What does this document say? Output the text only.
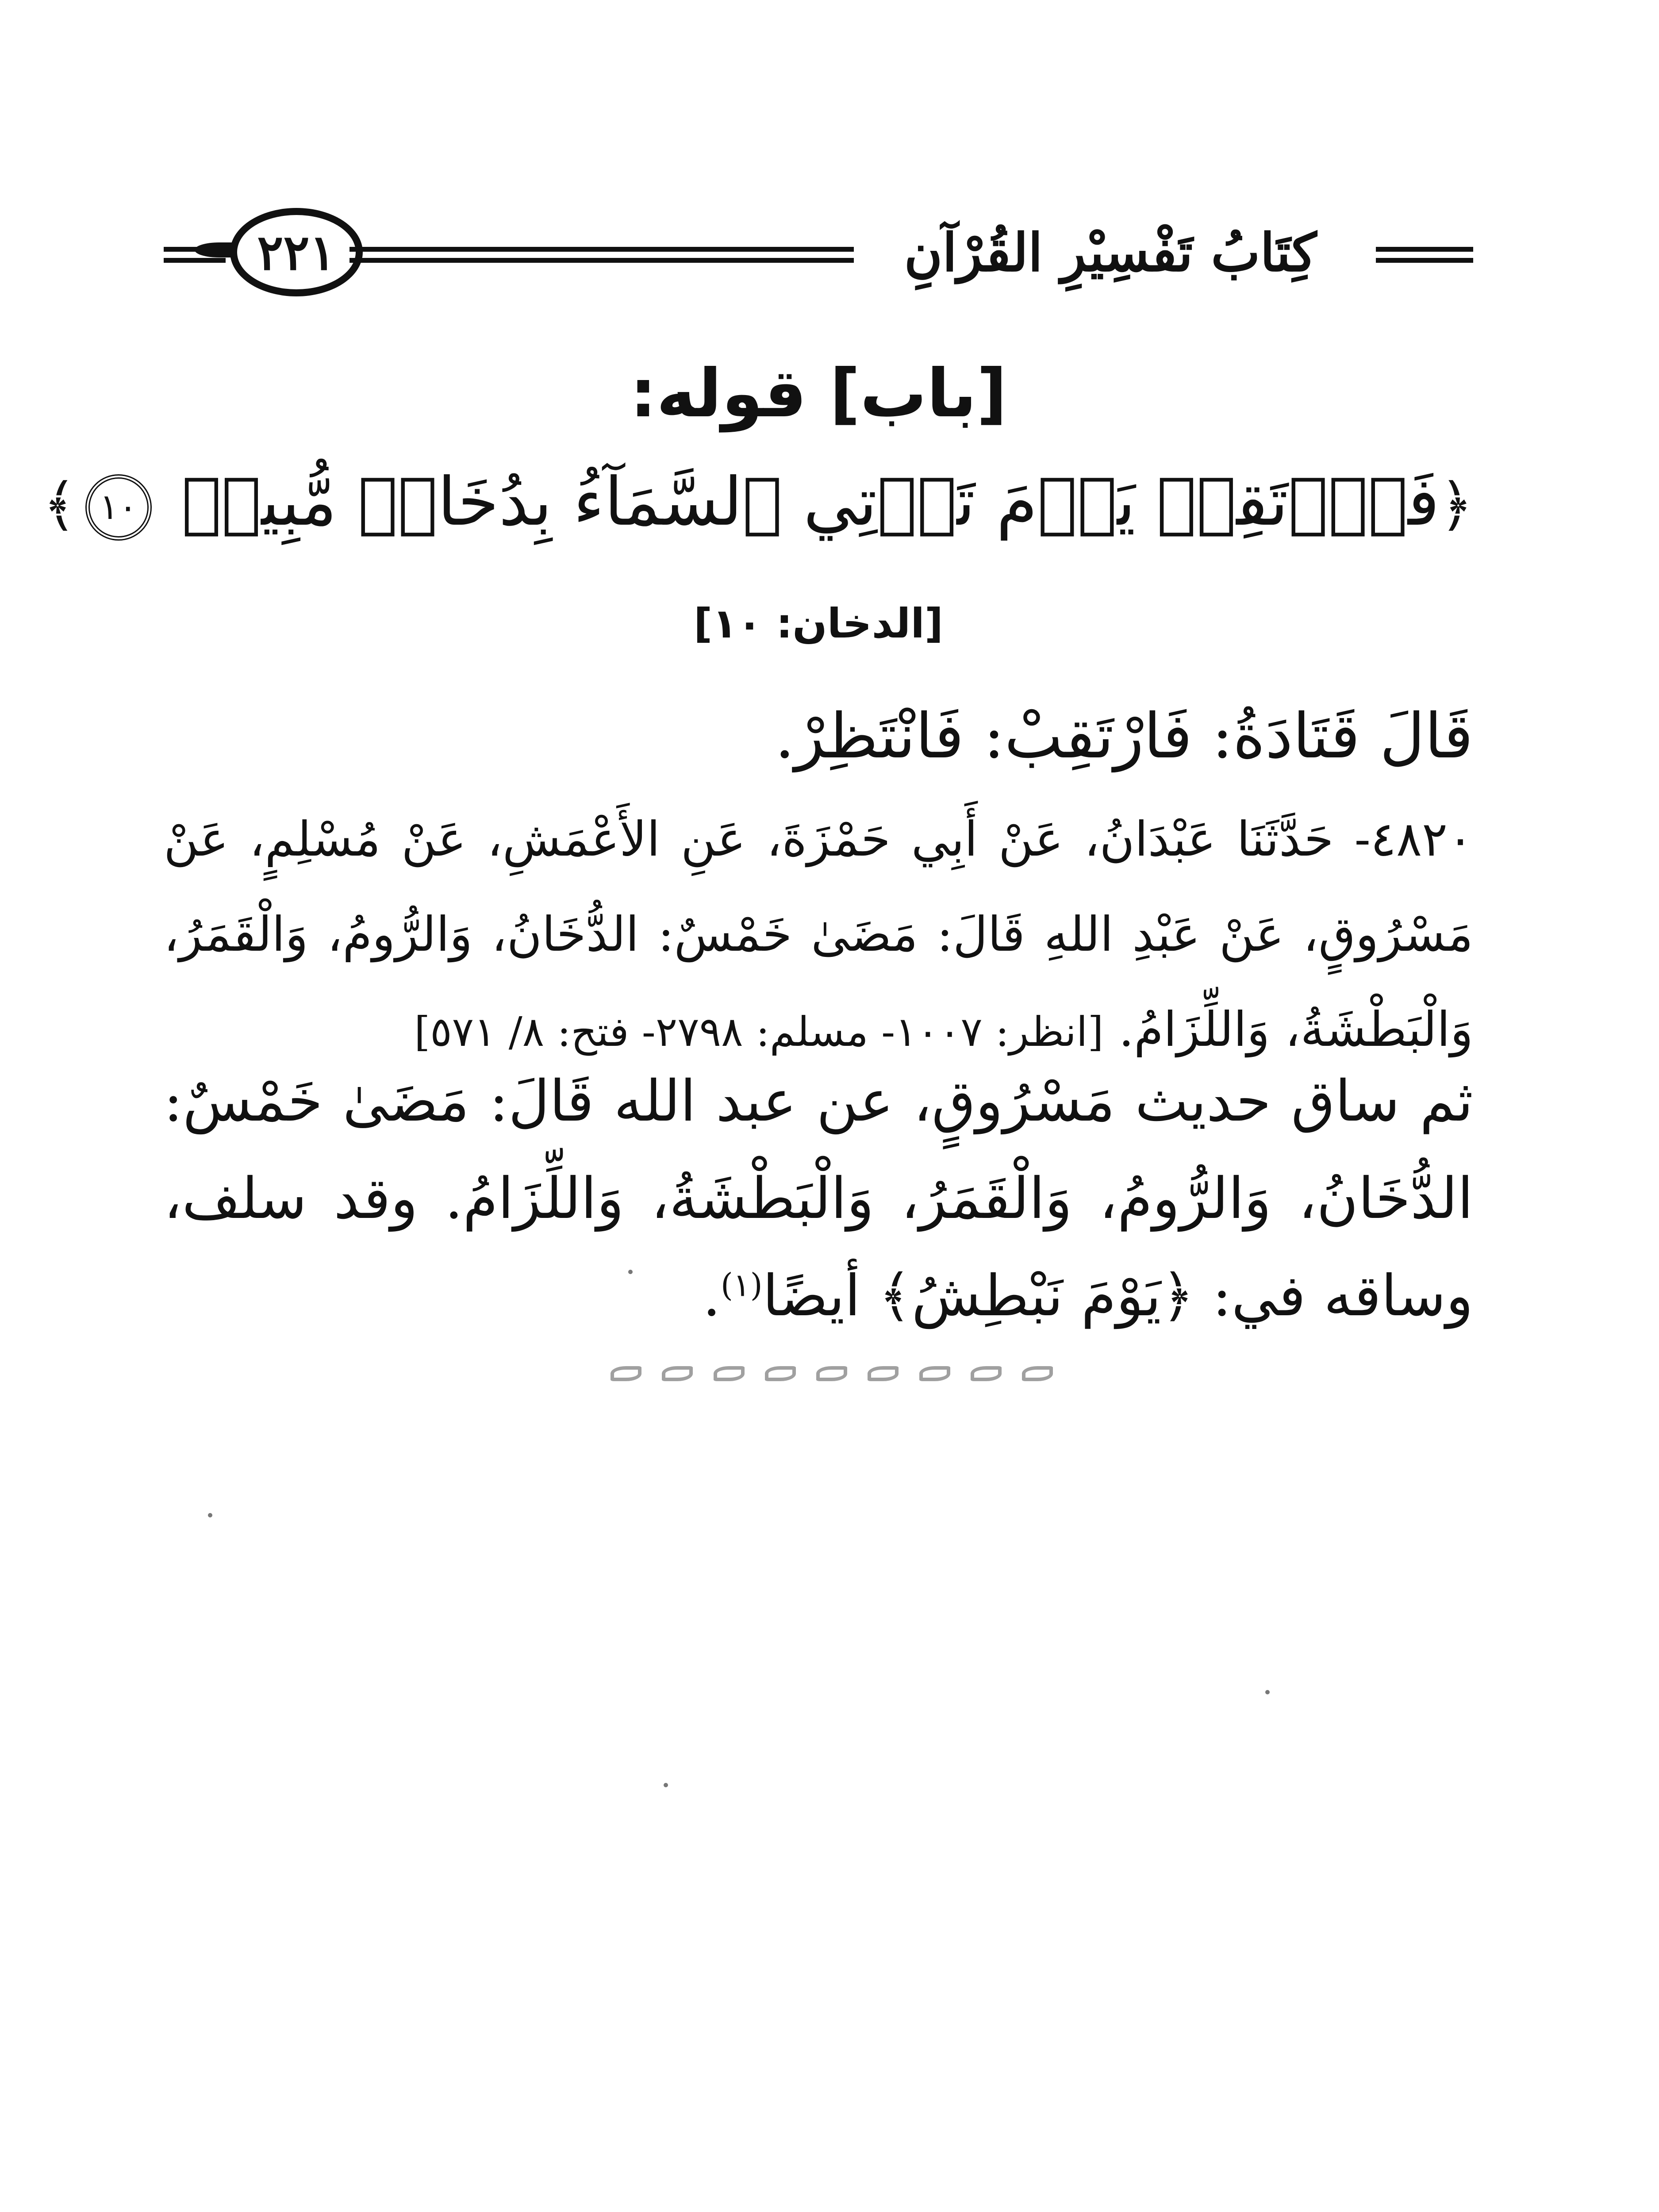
٢٢١	كِتَابُ تَفْسِيْرِ القُرْآنِ
[باب] قوله:
﴿فَٱرۡتَقِبۡ يَوۡمَ تَأۡتِي ٱلسَّمَآءُ بِدُخَانٖ مُّبِينٖ ١٠﴾
[الدخان: ١٠]
قَالَ قَتَادَةُ: فَارْتَقِبْ: فَانْتَظِرْ.

٤٨٢٠- حَدَّثَنَا عَبْدَانُ، عَنْ أَبِي حَمْزَةَ، عَنِ الأَعْمَشِ، عَنْ مُسْلِمٍ، عَنْ مَسْرُوقٍ، عَنْ عَبْدِ اللهِ قَالَ: مَضَىٰ خَمْسٌ: الدُّخَانُ، وَالرُّومُ، وَالْقَمَرُ، وَالْبَطْشَةُ، وَاللِّزَامُ. [انظر: ١٠٠٧- مسلم: ٢٧٩٨- فتح: ٨/ ٥٧١]

ثم ساق حديث مَسْرُوقٍ، عن عبد الله قَالَ: مَضَىٰ خَمْسٌ: الدُّخَانُ، وَالرُّومُ، وَالْقَمَرُ، وَالْبَطْشَةُ، وَاللِّزَامُ. وقد سلف، وساقه في: ﴿يَوْمَ نَبْطِشُ﴾ أيضًا$^{(١)}$.
